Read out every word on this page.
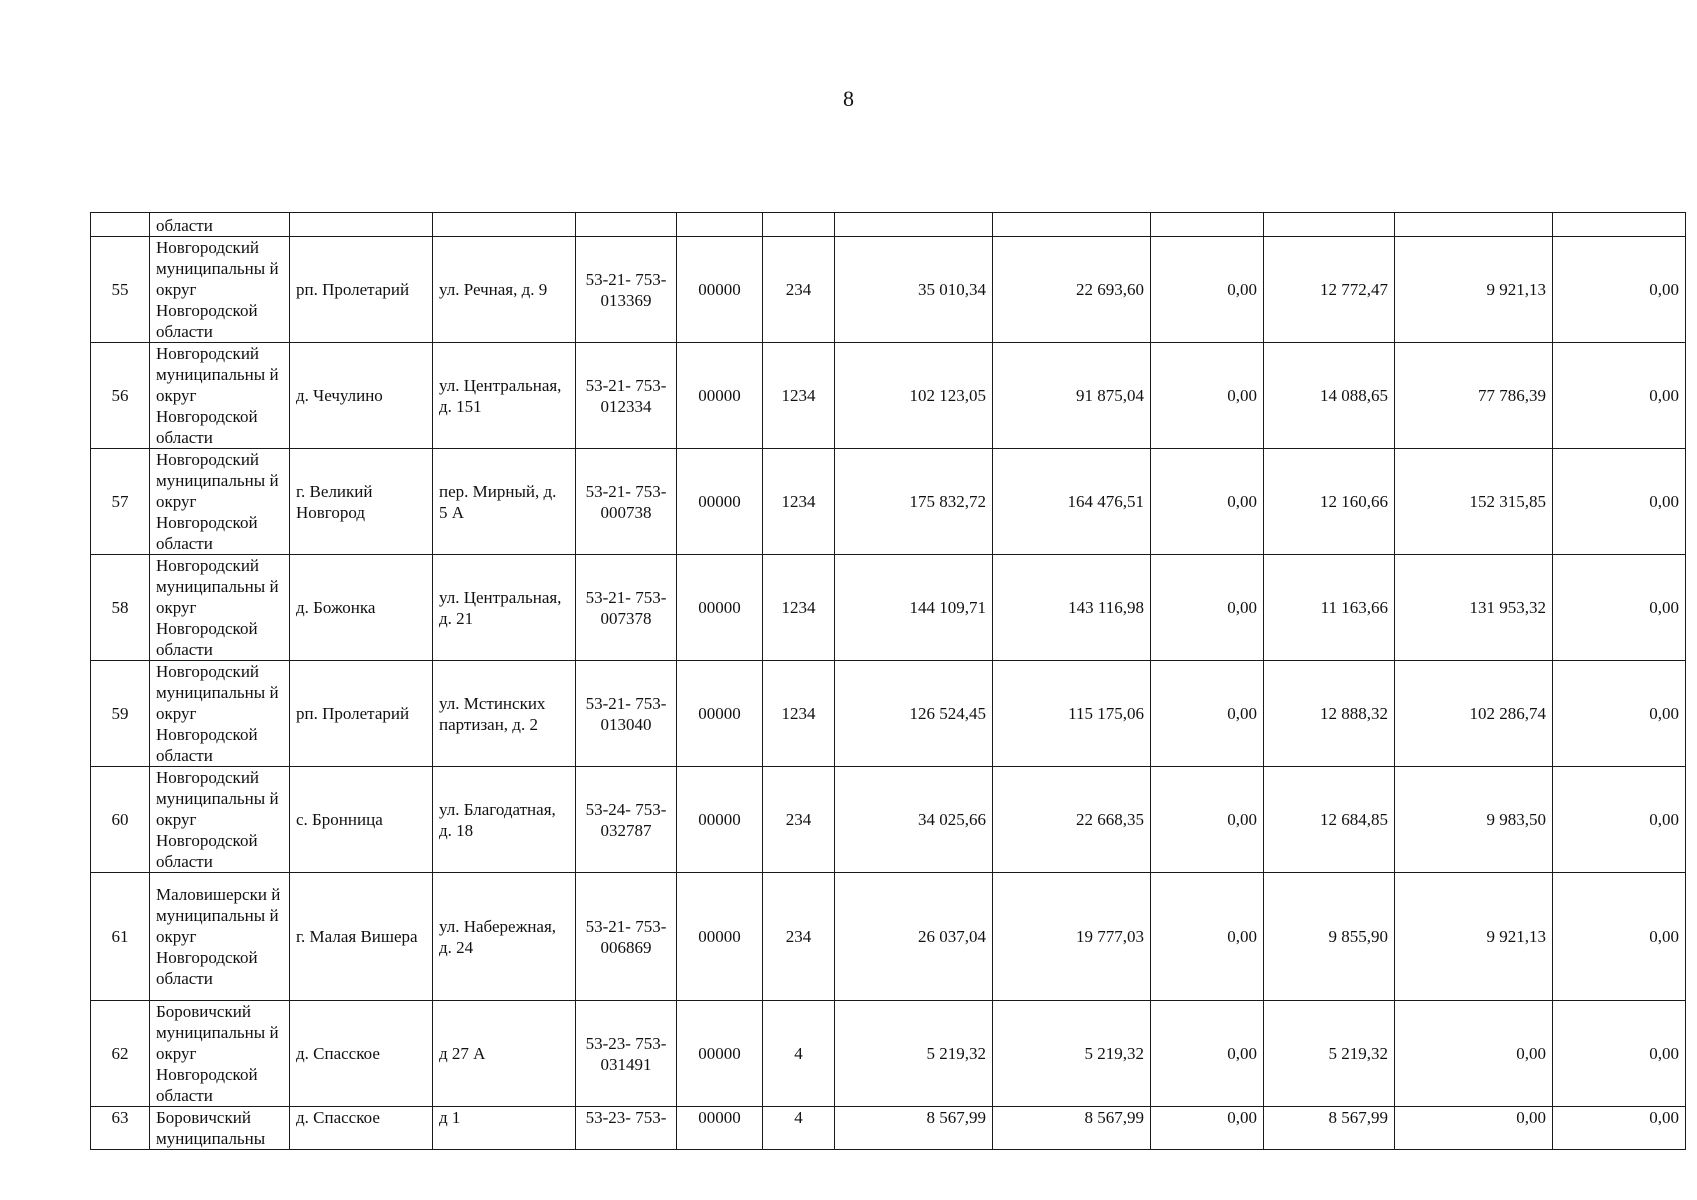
8
	области											
55	Новгородский муниципальны й округ Новгородской области	рп. Пролетарий	ул. Речная, д. 9	53-21- 753- 013369	00000	234	35 010,34	22 693,60	0,00	12 772,47	9 921,13	0,00
56	Новгородский муниципальны й округ Новгородской области	д. Чечулино	ул. Центральная, д. 151	53-21- 753- 012334	00000	1234	102 123,05	91 875,04	0,00	14 088,65	77 786,39	0,00
57	Новгородский муниципальны й округ Новгородской области	г. Великий Новгород	пер. Мирный, д. 5 А	53-21- 753- 000738	00000	1234	175 832,72	164 476,51	0,00	12 160,66	152 315,85	0,00
58	Новгородский муниципальны й округ Новгородской области	д. Божонка	ул. Центральная, д. 21	53-21- 753- 007378	00000	1234	144 109,71	143 116,98	0,00	11 163,66	131 953,32	0,00
59	Новгородский муниципальны й округ Новгородской области	рп. Пролетарий	ул. Мстинских партизан, д. 2	53-21- 753- 013040	00000	1234	126 524,45	115 175,06	0,00	12 888,32	102 286,74	0,00
60	Новгородский муниципальны й округ Новгородской области	с. Бронница	ул. Благодатная, д. 18	53-24- 753- 032787	00000	234	34 025,66	22 668,35	0,00	12 684,85	9 983,50	0,00
61	Маловишерски й муниципальны й округ Новгородской области	г. Малая Вишера	ул. Набережная, д. 24	53-21- 753- 006869	00000	234	26 037,04	19 777,03	0,00	9 855,90	9 921,13	0,00
62	Боровичский муниципальны й округ Новгородской области	д. Спасское	д 27 А	53-23- 753- 031491	00000	4	5 219,32	5 219,32	0,00	5 219,32	0,00	0,00
63	Боровичский муниципальны	д. Спасское	д 1	53-23- 753-	00000	4	8 567,99	8 567,99	0,00	8 567,99	0,00	0,00
